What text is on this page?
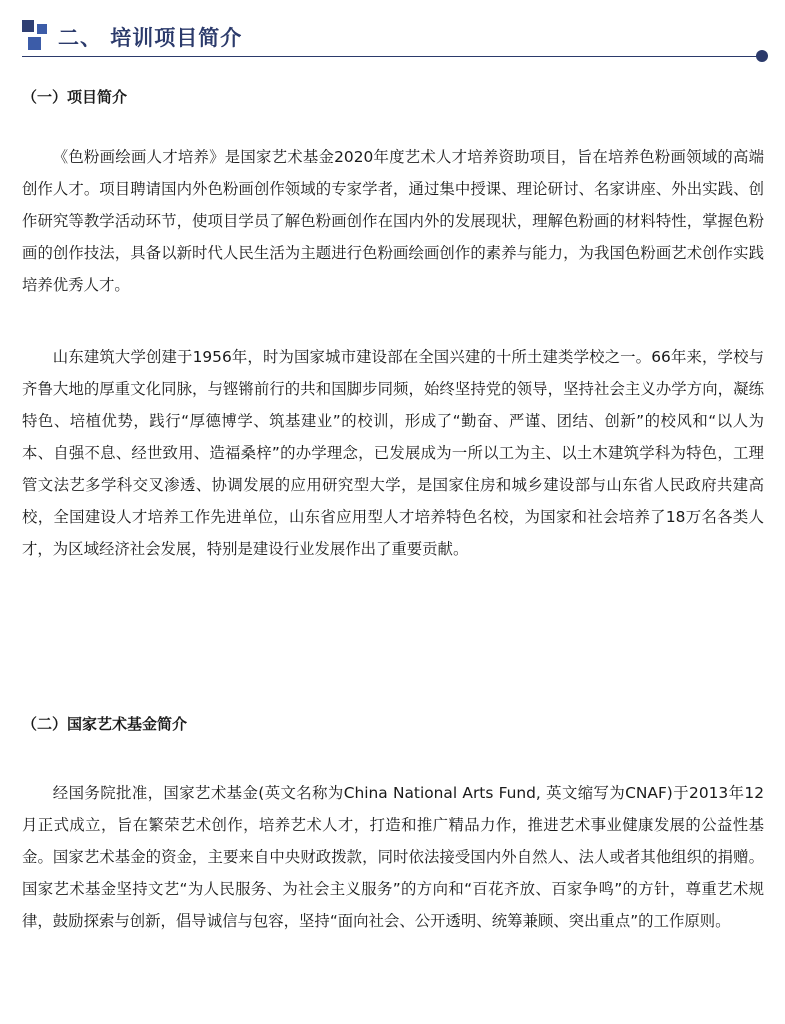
二、 培训项目简介
（一）项目简介

《色粉画绘画人才培养》是国家艺术基金2020年度艺术人才培养资助项目，旨在培养色粉画领域的高端创作人才。项目聘请国内外色粉画创作领域的专家学者，通过集中授课、理论研讨、名家讲座、外出实践、创作研究等教学活动环节，使项目学员了解色粉画创作在国内外的发展现状，理解色粉画的材料特性，掌握色粉画的创作技法，具备以新时代人民生活为主题进行色粉画绘画创作的素养与能力，为我国色粉画艺术创作实践培养优秀人才。

山东建筑大学创建于1956年，时为国家城市建设部在全国兴建的十所土建类学校之一。66年来，学校与齐鲁大地的厚重文化同脉，与铿锵前行的共和国脚步同频，始终坚持党的领导，坚持社会主义办学方向，凝练特色、培植优势，践行“厚德博学、筑基建业”的校训，形成了“勤奋、严谨、团结、创新”的校风和“以人为本、自强不息、经世致用、造福桑梓”的办学理念，已发展成为一所以工为主、以土木建筑学科为特色，工理管文法艺多学科交叉渗透、协调发展的应用研究型大学，是国家住房和城乡建设部与山东省人民政府共建高校，全国建设人才培养工作先进单位，山东省应用型人才培养特色名校，为国家和社会培养了18万名各类人才，为区域经济社会发展，特别是建设行业发展作出了重要贡献。

（二）国家艺术基金简介

经国务院批准，国家艺术基金(英文名称为China National Arts Fund, 英文缩写为CNAF)于2013年12月正式成立，旨在繁荣艺术创作，培养艺术人才，打造和推广精品力作，推进艺术事业健康发展的公益性基金。国家艺术基金的资金，主要来自中央财政拨款，同时依法接受国内外自然人、法人或者其他组织的捐赠。国家艺术基金坚持文艺“为人民服务、为社会主义服务”的方向和“百花齐放、百家争鸣”的方针，尊重艺术规律，鼓励探索与创新，倡导诚信与包容，坚持“面向社会、公开透明、统筹兼顾、突出重点”的工作原则。
